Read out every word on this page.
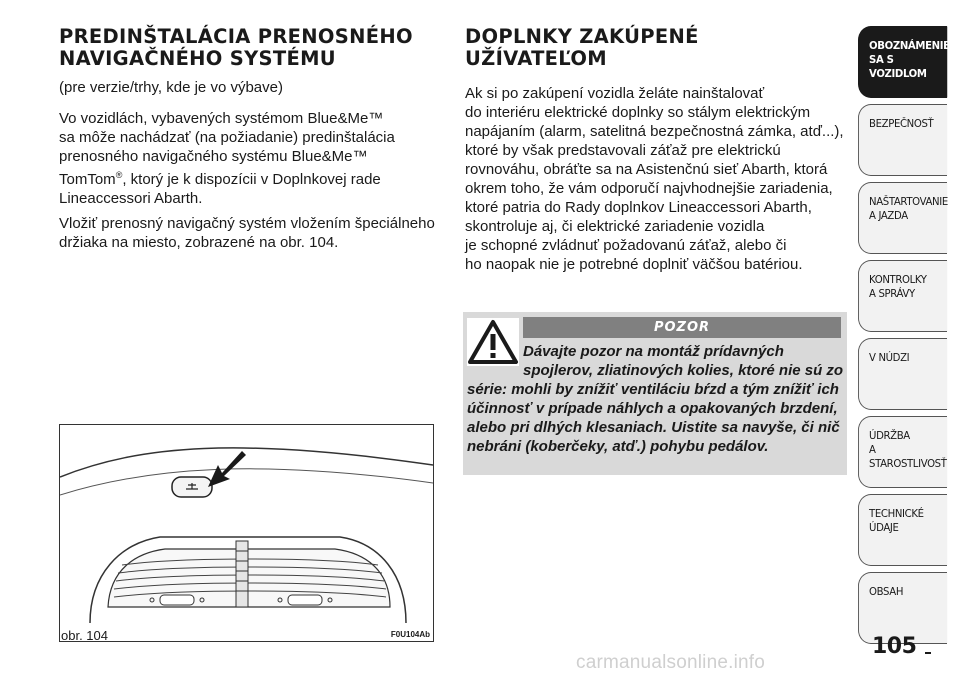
PREDINŠTALÁCIA PRENOSNÉHO
NAVIGAČNÉHO SYSTÉMU

(pre verzie/trhy, kde je vo výbave)

Vo vozidlách, vybavených systémom Blue&Me™
sa môže nachádzať (na požiadanie) predinštalácia
prenosného navigačného systému Blue&Me™
TomTom®, ktorý je k dispozícii v Doplnkovej rade
Lineaccessori Abarth.

Vložiť prenosný navigačný systém vložením špeciálneho
držiaka na miesto, zobrazené na obr. 104.

obr. 104	F0U104Ab
DOPLNKY ZAKÚPENÉ
UŽÍVATEĽOM

Ak si po zakúpení vozidla želáte nainštalovať
do interiéru elektrické doplnky so stálym elektrickým
napájaním (alarm, satelitná bezpečnostná zámka, atď...),
ktoré by však predstavovali záťaž pre elektrickú
rovnováhu, obráťte sa na Asistenčnú sieť Abarth, ktorá
okrem toho, že vám odporučí najvhodnejšie zariadenia,
ktoré patria do Rady doplnkov Lineaccessori Abarth,
skontroluje aj, či elektrické zariadenie vozidla
je schopné zvládnuť požadovanú záťaž, alebo či
ho naopak nie je potrebné doplniť väčšou batériou.

POZOR
Dávajte pozor na montáž prídavných spojlerov, zliatinových kolies, ktoré nie sú zo série: mohli by znížiť ventiláciu bŕzd a tým znížiť ich účinnosť v prípade náhlych a opakovaných brzdení, alebo pri dlhých klesaniach. Uistite sa navyše, či nič nebráni (koberčeky, atď.) pohybu pedálov.
OBOZNÁMENIE
SA S VOZIDLOM
BEZPEČNOSŤ
NAŠTARTOVANIE
A JAZDA
KONTROLKY
A SPRÁVY
V NÚDZI
ÚDRŽBA
A STAROSTLIVOSŤ
TECHNICKÉ
ÚDAJE
OBSAH
105
carmanualsonline.info
